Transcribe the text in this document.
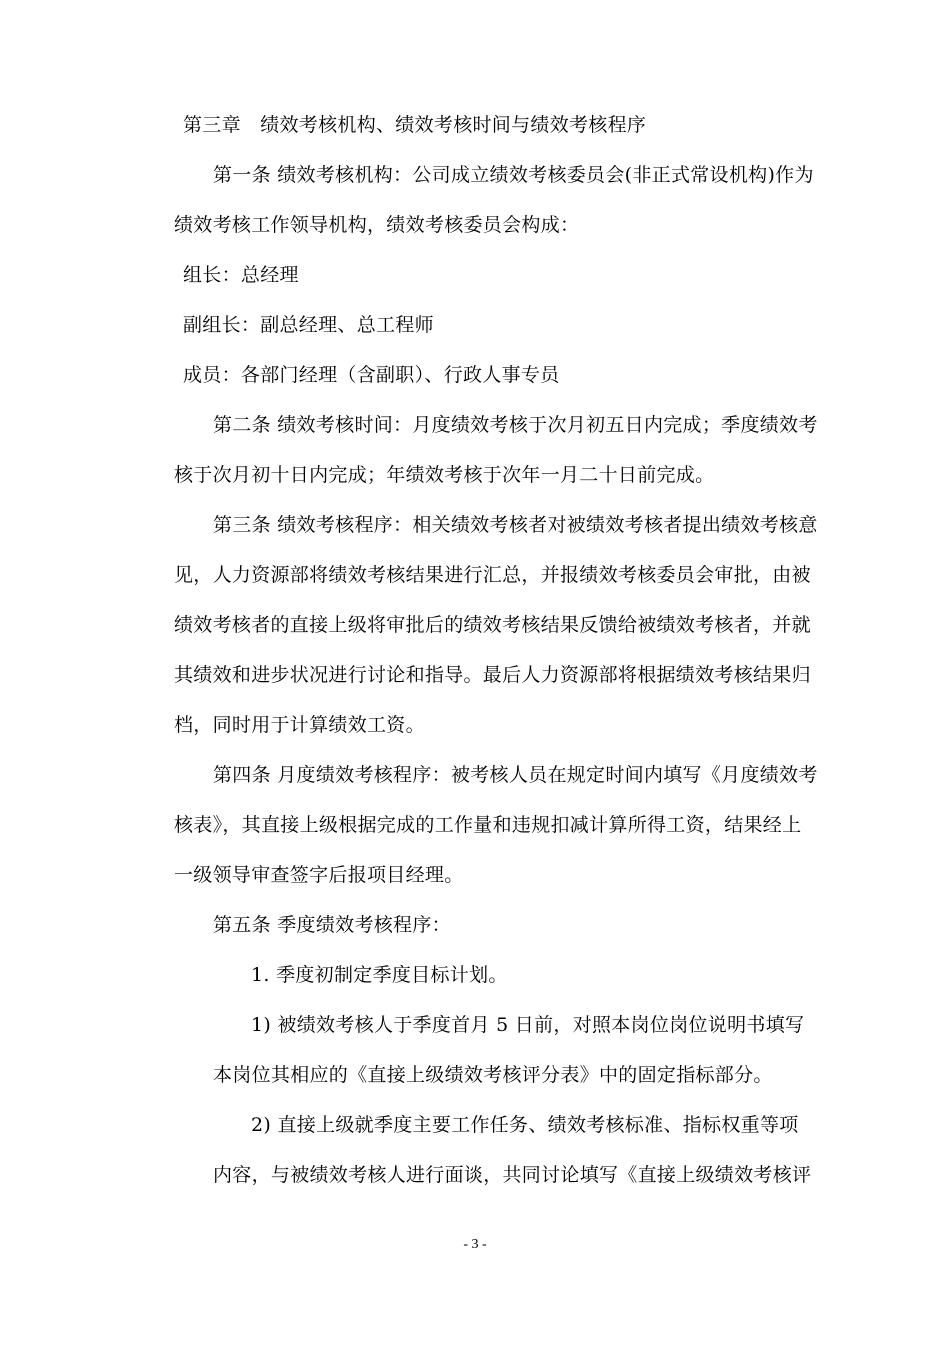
第三章　绩效考核机构、绩效考核时间与绩效考核程序
第一条 绩效考核机构：公司成立绩效考核委员会(非正式常设机构)作为
绩效考核工作领导机构，绩效考核委员会构成：
组长：总经理
副组长：副总经理、总工程师
成员：各部门经理（含副职）、行政人事专员
第二条 绩效考核时间：月度绩效考核于次月初五日内完成；季度绩效考
核于次月初十日内完成；年绩效考核于次年一月二十日前完成。
第三条 绩效考核程序：相关绩效考核者对被绩效考核者提出绩效考核意
见，人力资源部将绩效考核结果进行汇总，并报绩效考核委员会审批，由被
绩效考核者的直接上级将审批后的绩效考核结果反馈给被绩效考核者，并就
其绩效和进步状况进行讨论和指导。最后人力资源部将根据绩效考核结果归
档，同时用于计算绩效工资。
第四条 月度绩效考核程序：被考核人员在规定时间内填写《月度绩效考
核表》，其直接上级根据完成的工作量和违规扣减计算所得工资，结果经上
一级领导审查签字后报项目经理。
第五条 季度绩效考核程序：
1. 季度初制定季度目标计划。
1) 被绩效考核人于季度首月 5 日前，对照本岗位岗位说明书填写
本岗位其相应的《直接上级绩效考核评分表》中的固定指标部分。
2) 直接上级就季度主要工作任务、绩效考核标准、指标权重等项
内容，与被绩效考核人进行面谈，共同讨论填写《直接上级绩效考核评
- 3 -
